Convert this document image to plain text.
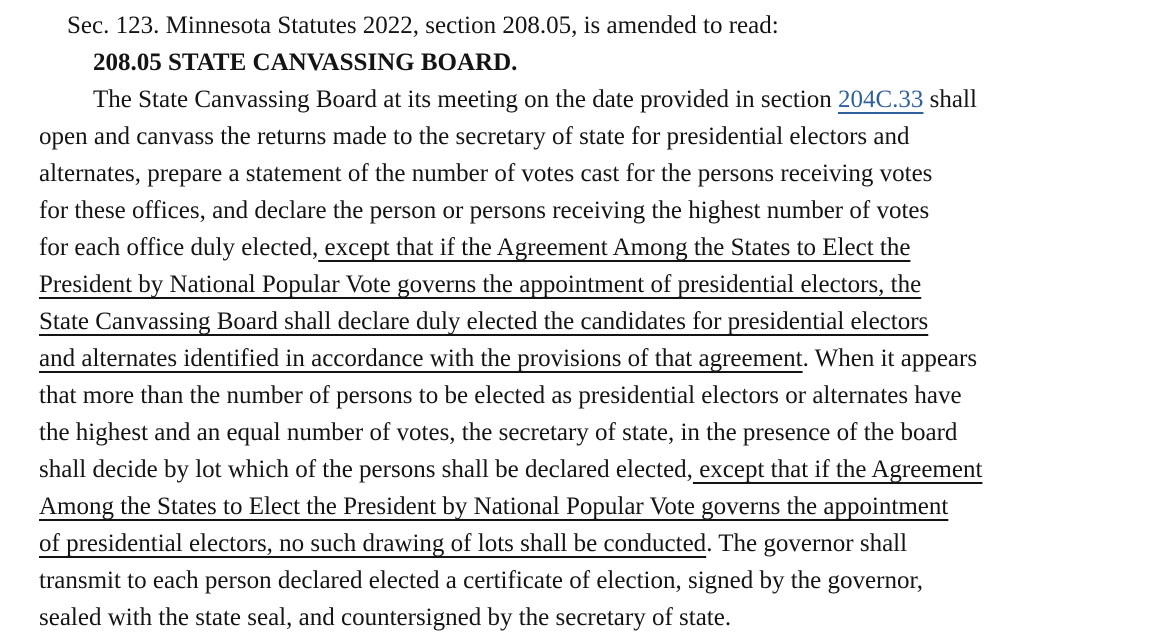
Sec. 123. Minnesota Statutes 2022, section 208.05, is amended to read:
208.05 STATE CANVASSING BOARD.
The State Canvassing Board at its meeting on the date provided in section 204C.33 shall
open and canvass the returns made to the secretary of state for presidential electors and
alternates, prepare a statement of the number of votes cast for the persons receiving votes
for these offices, and declare the person or persons receiving the highest number of votes
for each office duly elected, except that if the Agreement Among the States to Elect the
President by National Popular Vote governs the appointment of presidential electors, the
State Canvassing Board shall declare duly elected the candidates for presidential electors
and alternates identified in accordance with the provisions of that agreement. When it appears
that more than the number of persons to be elected as presidential electors or alternates have
the highest and an equal number of votes, the secretary of state, in the presence of the board
shall decide by lot which of the persons shall be declared elected, except that if the Agreement
Among the States to Elect the President by National Popular Vote governs the appointment
of presidential electors, no such drawing of lots shall be conducted. The governor shall
transmit to each person declared elected a certificate of election, signed by the governor,
sealed with the state seal, and countersigned by the secretary of state.
